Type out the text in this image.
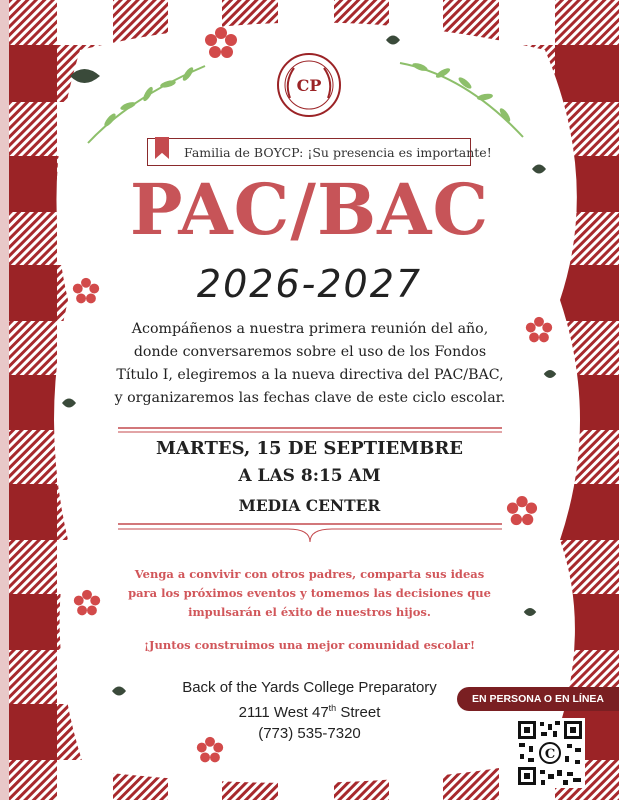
CP
Familia de BOYCP: ¡Su presencia es importante!
PAC/BAC
2026-2027
Acompáñenos a nuestra primera reunión del año,
donde conversaremos sobre el uso de los Fondos
Título I, elegiremos a la nueva directiva del PAC/BAC,
y organizaremos las fechas clave de este ciclo escolar.
MARTES, 15 DE SEPTIEMBRE
A LAS 8:15 AM
MEDIA CENTER
Venga a convivir con otros padres, comparta sus ideas
para los próximos eventos y tomemos las decisiones que
impulsarán el éxito de nuestros hijos.
¡Juntos construimos una mejor comunidad escolar!
Back of the Yards College Preparatory
2111 West 47th Street
(773) 535-7320
EN PERSONA O EN LÍNEA
C
